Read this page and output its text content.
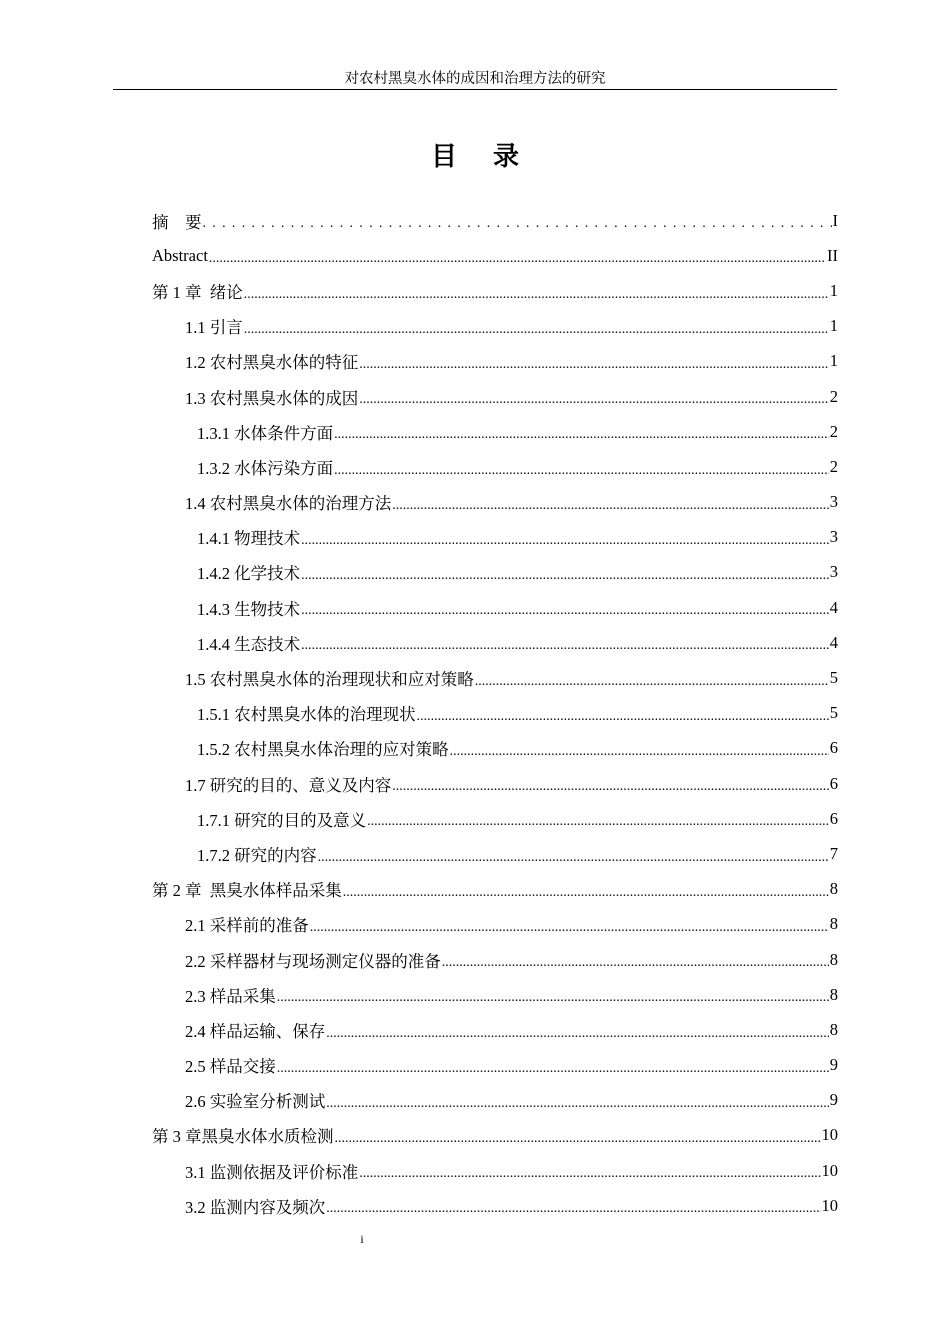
对农村黑臭水体的成因和治理方法的研究
目 录
摘    要 .....	I
Abstract .....	II
第 1 章  绪论 .....	1
1.1 引言 .....	1
1.2 农村黑臭水体的特征 .....	1
1.3 农村黑臭水体的成因 .....	2
1.3.1 水体条件方面 .....	2
1.3.2 水体污染方面 .....	2
1.4 农村黑臭水体的治理方法 .....	3
1.4.1 物理技术 .....	3
1.4.2 化学技术 .....	3
1.4.3 生物技术 .....	4
1.4.4 生态技术 .....	4
1.5 农村黑臭水体的治理现状和应对策略 .....	5
1.5.1 农村黑臭水体的治理现状 .....	5
1.5.2 农村黑臭水体治理的应对策略 .....	6
1.7 研究的目的、意义及内容 .....	6
1.7.1 研究的目的及意义 .....	6
1.7.2 研究的内容 .....	7
第 2 章  黑臭水体样品采集 .....	8
2.1 采样前的准备 .....	8
2.2 采样器材与现场测定仪器的准备 .....	8
2.3 样品采集 .....	8
2.4 样品运输、保存 .....	8
2.5 样品交接 .....	9
2.6 实验室分析测试 .....	9
第 3 章黑臭水体水质检测 .....	10
3.1 监测依据及评价标准 .....	10
3.2 监测内容及频次 .....	10
i
